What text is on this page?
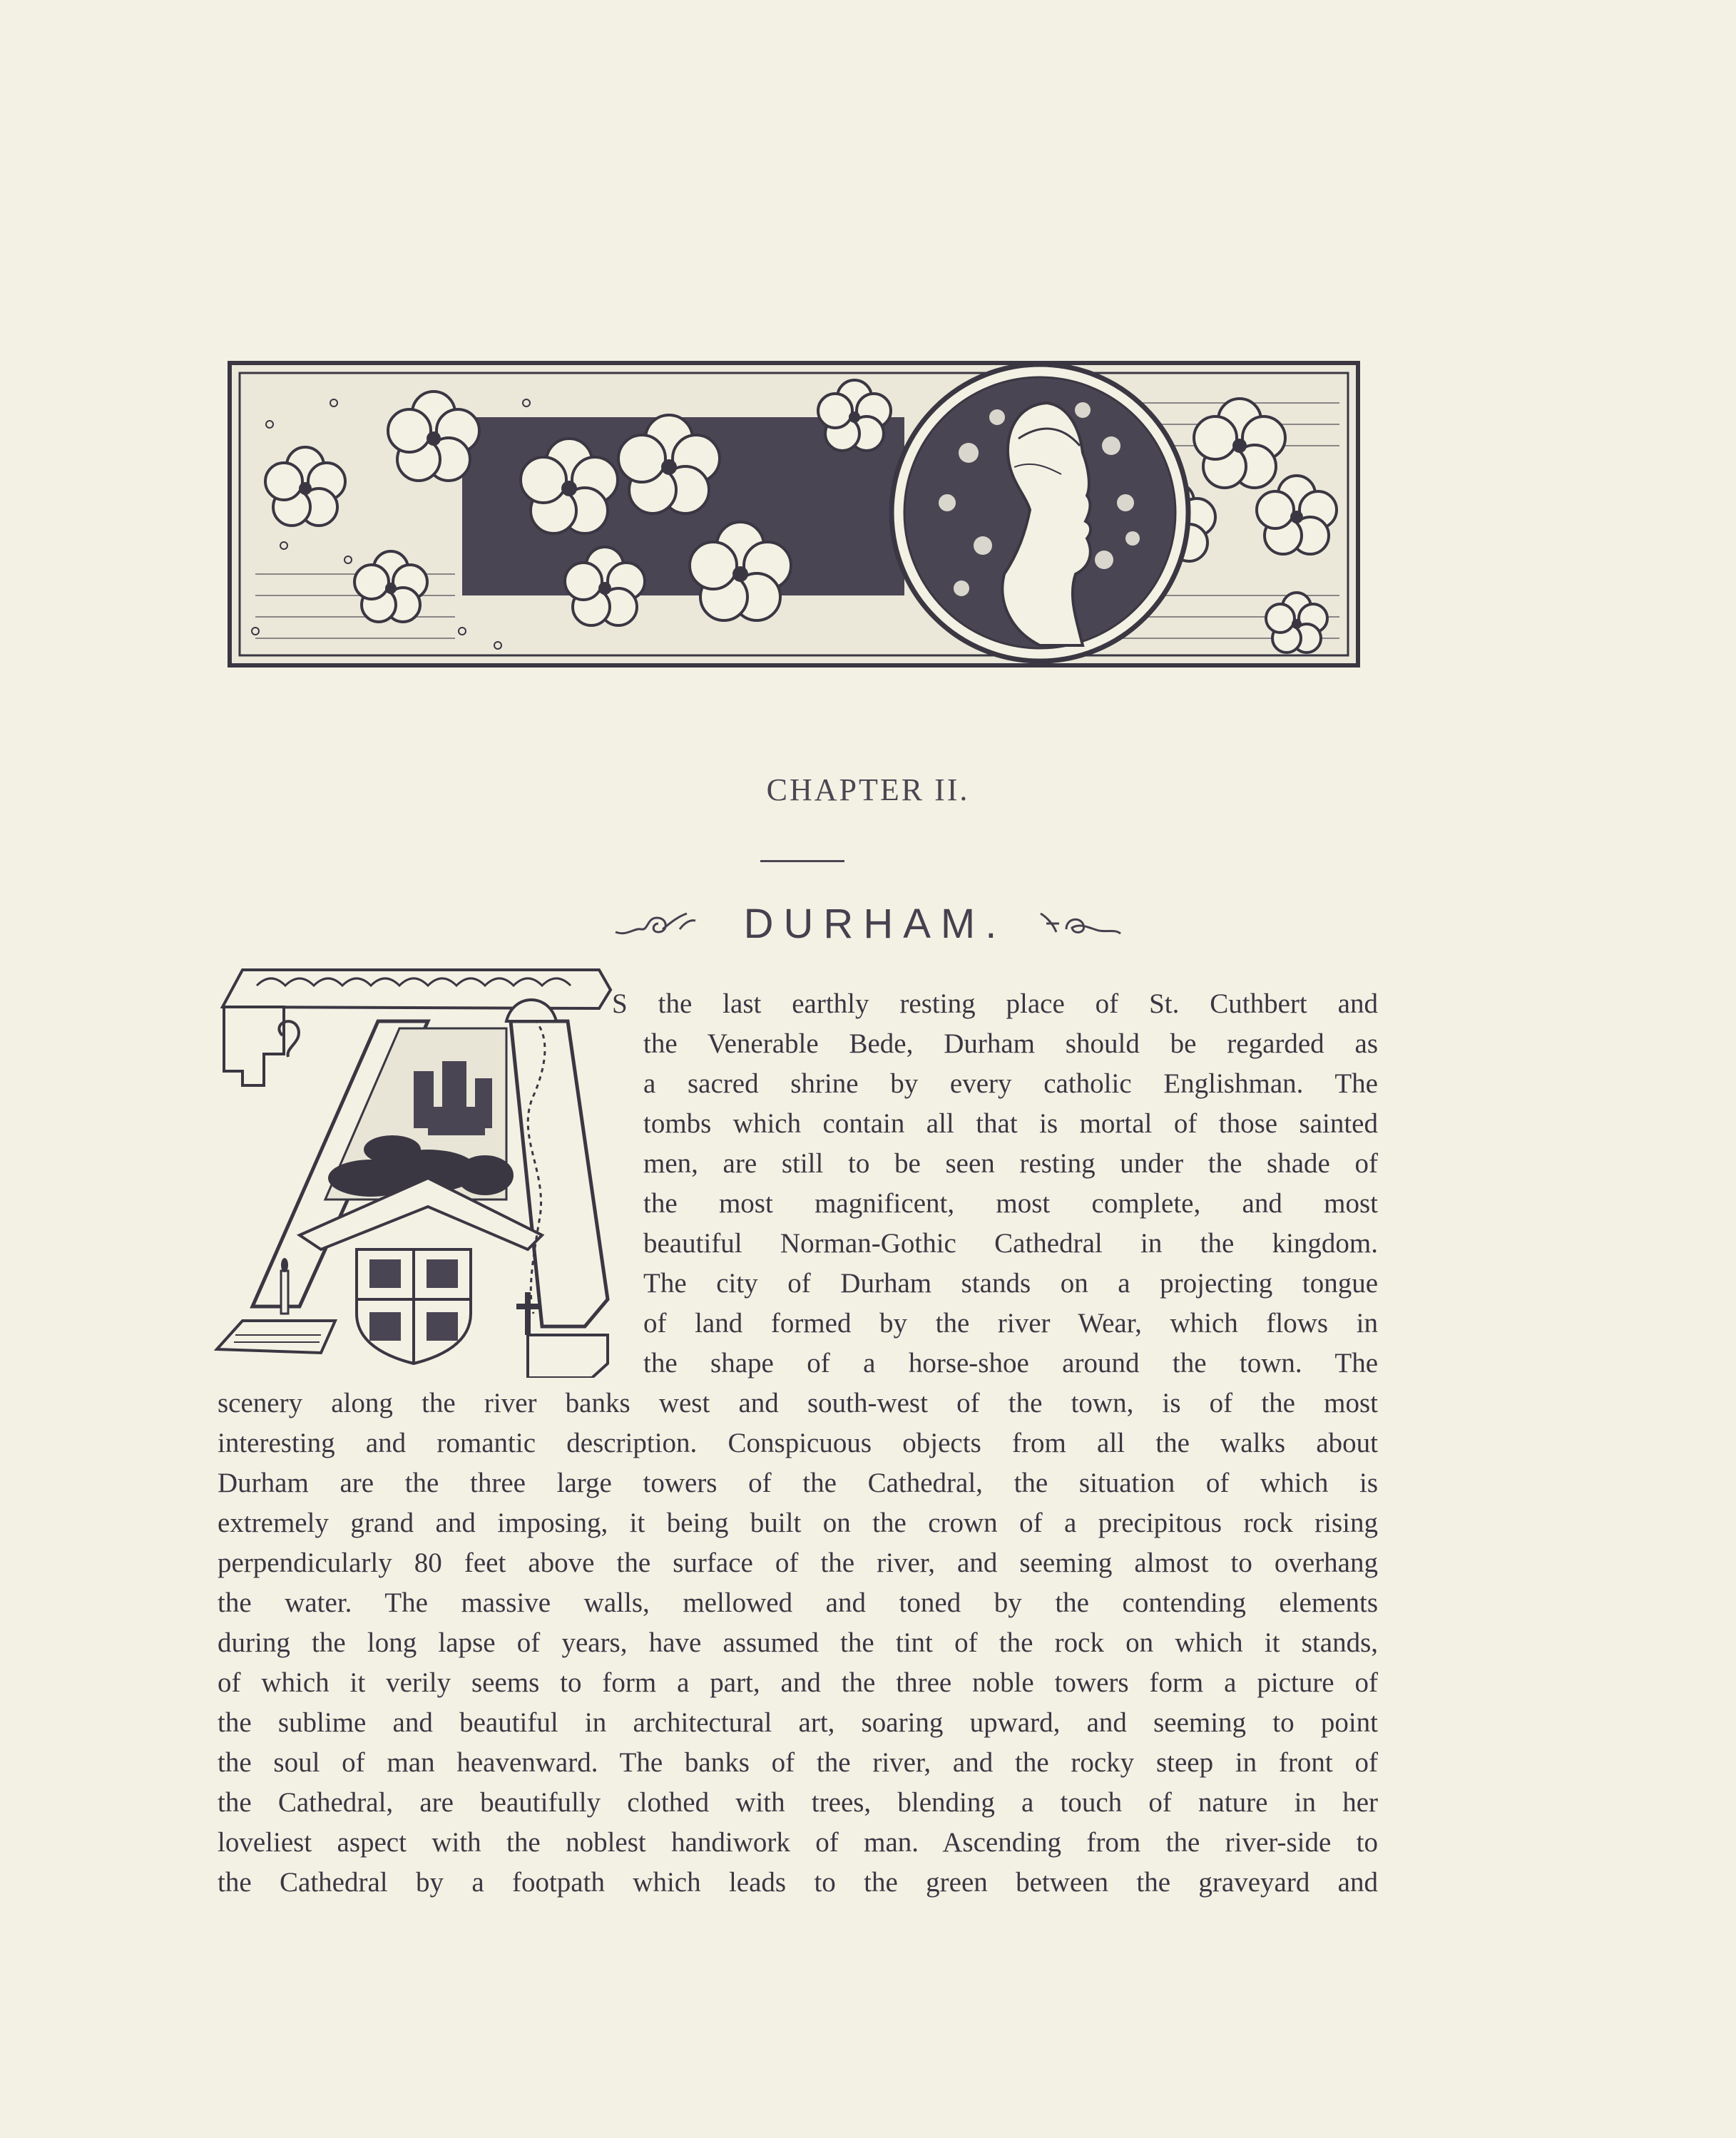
CHAPTER II.
DURHAM.
S the last earthly resting place of St. Cuthbert and
the Venerable Bede, Durham should be regarded as
a sacred shrine by every catholic Englishman. The
tombs which contain all that is mortal of those sainted
men, are still to be seen resting under the shade of
the most magnificent, most complete, and most
beautiful Norman-Gothic Cathedral in the kingdom.
The city of Durham stands on a projecting tongue
of land formed by the river Wear, which flows in
the shape of a horse-shoe around the town. The
scenery along the river banks west and south-west of the town, is of the most
interesting and romantic description. Conspicuous objects from all the walks about
Durham are the three large towers of the Cathedral, the situation of which is
extremely grand and imposing, it being built on the crown of a precipitous rock rising
perpendicularly 80 feet above the surface of the river, and seeming almost to overhang
the water. The massive walls, mellowed and toned by the contending elements
during the long lapse of years, have assumed the tint of the rock on which it stands,
of which it verily seems to form a part, and the three noble towers form a picture of
the sublime and beautiful in architectural art, soaring upward, and seeming to point
the soul of man heavenward. The banks of the river, and the rocky steep in front of
the Cathedral, are beautifully clothed with trees, blending a touch of nature in her
loveliest aspect with the noblest handiwork of man. Ascending from the river-side to
the Cathedral by a footpath which leads to the green between the graveyard and
